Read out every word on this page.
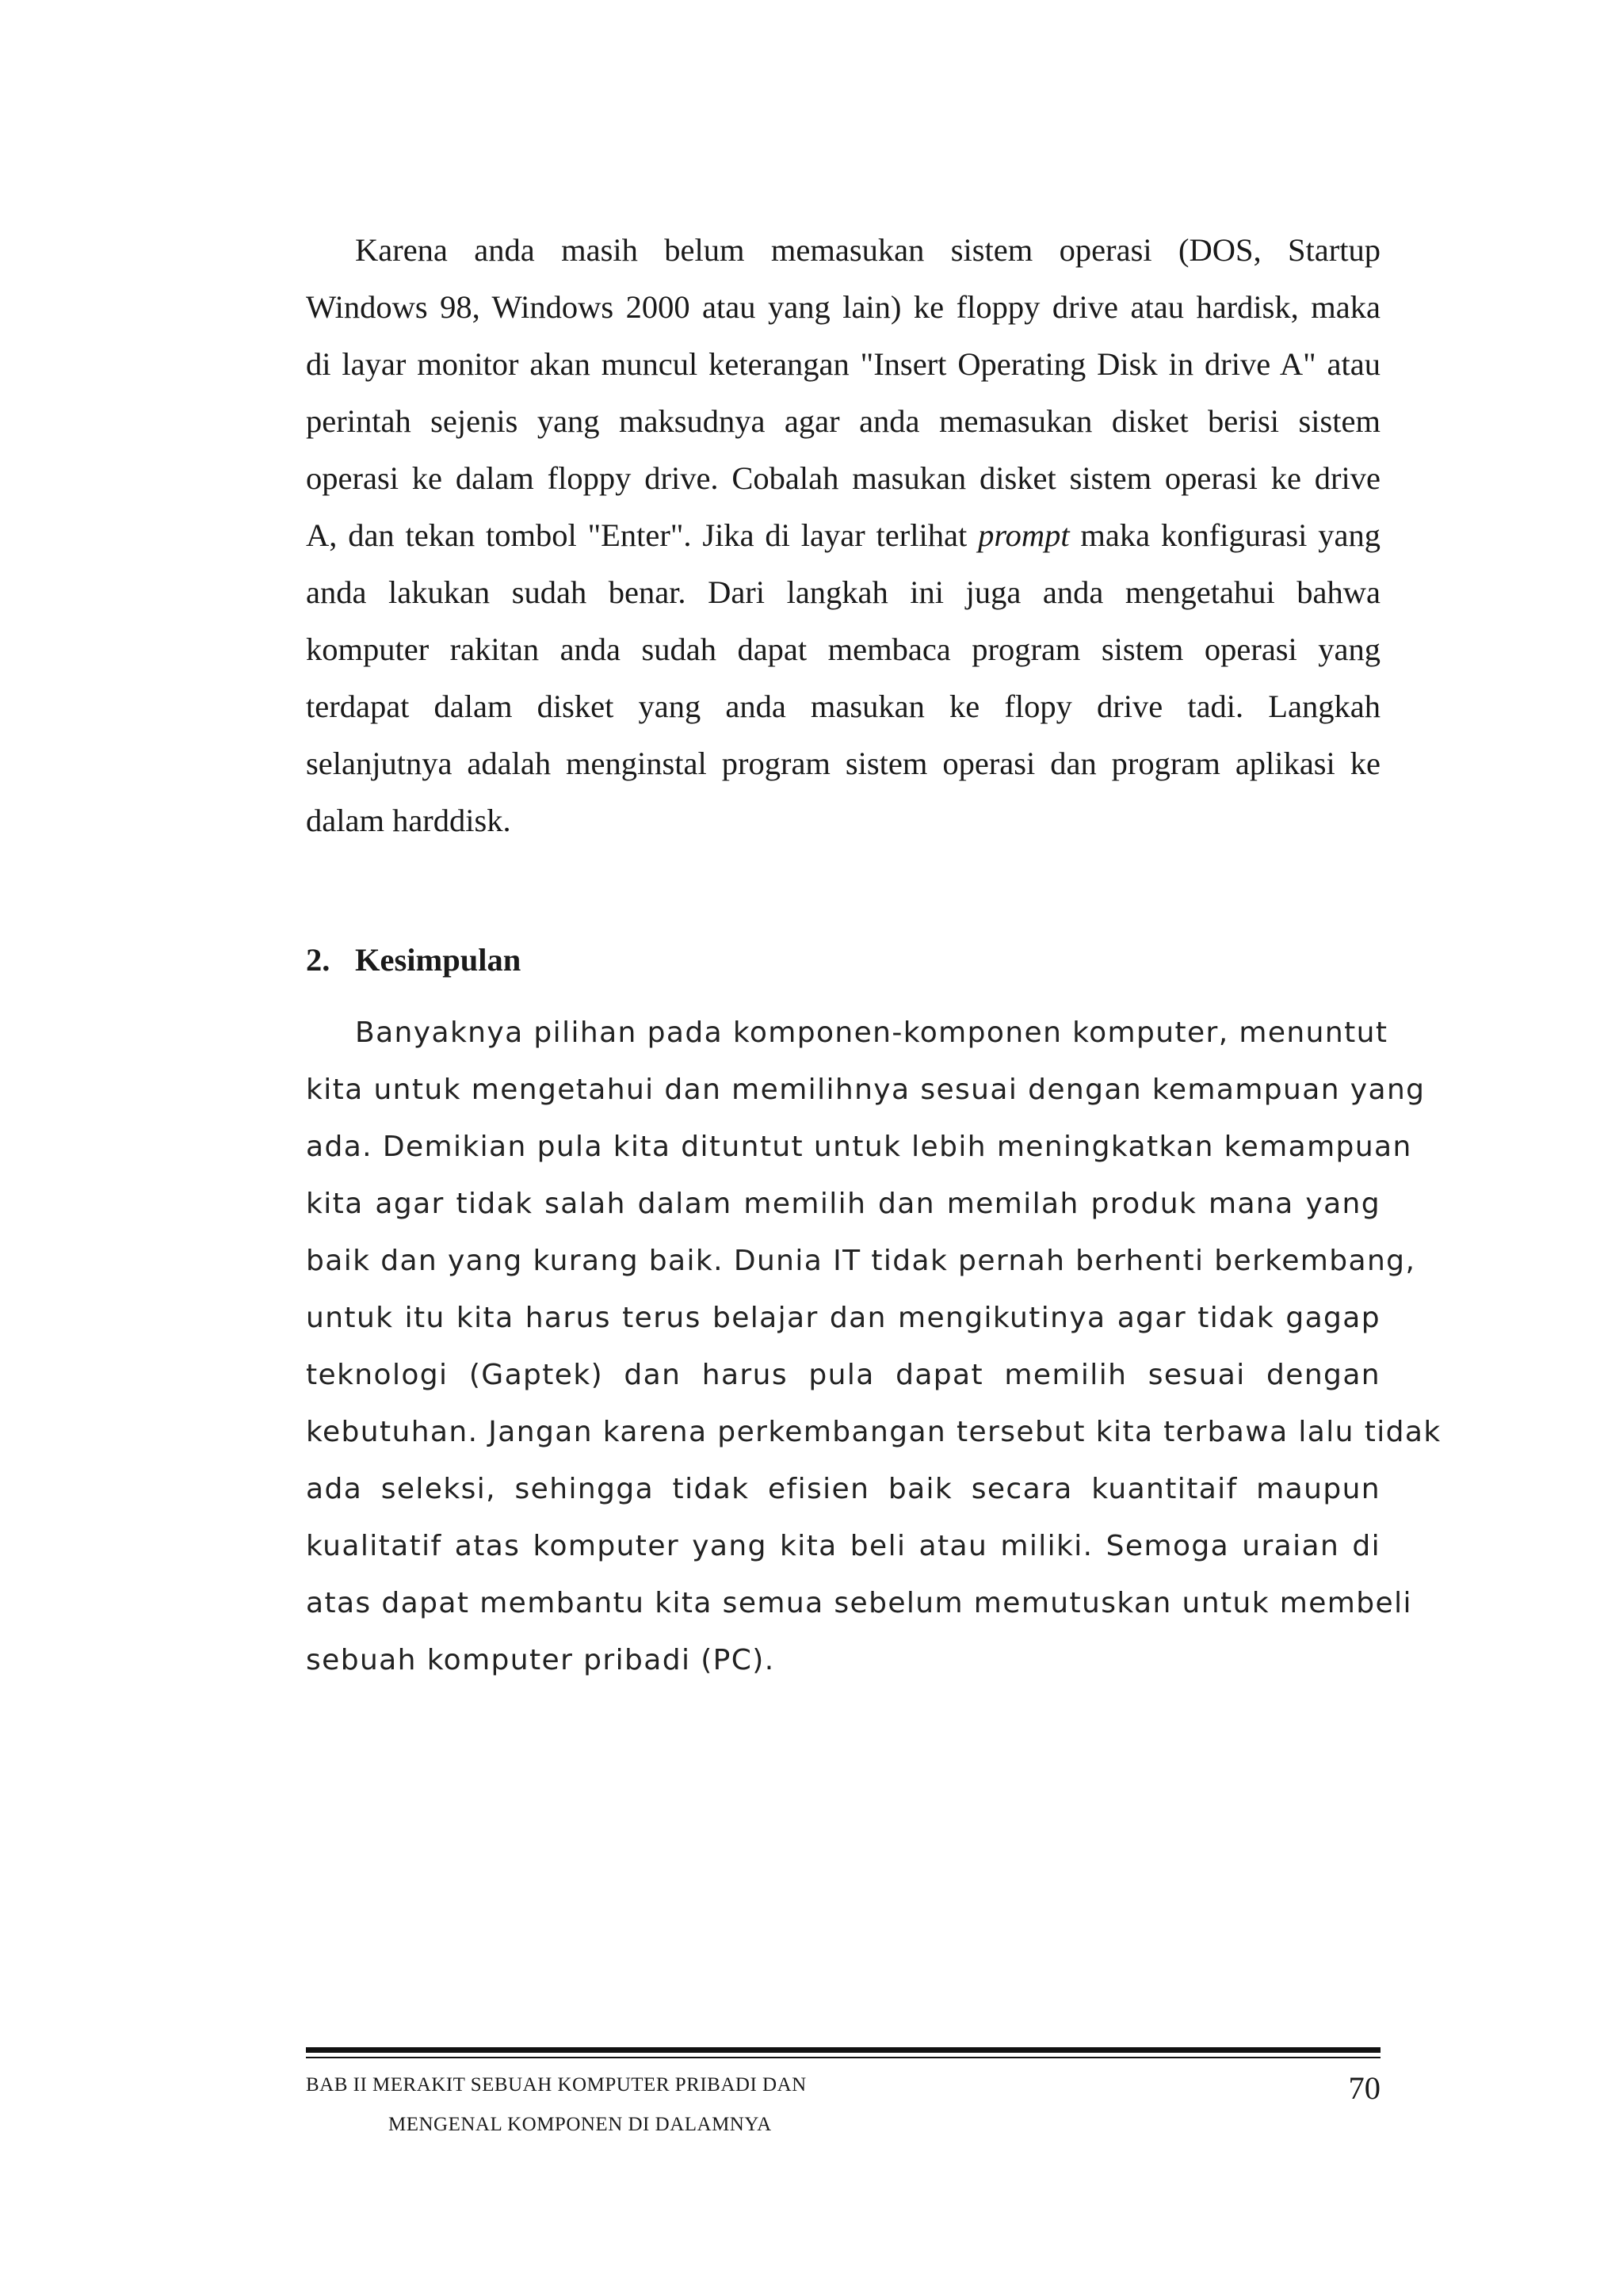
Karena anda masih belum memasukan sistem operasi (DOS, Startup
Windows 98, Windows 2000 atau yang lain) ke floppy drive atau hardisk, maka
di layar monitor akan muncul keterangan "Insert Operating Disk in drive A" atau
perintah sejenis yang maksudnya agar anda memasukan disket berisi sistem
operasi ke dalam floppy drive. Cobalah masukan disket sistem operasi ke drive
A, dan tekan tombol "Enter". Jika di layar terlihat prompt maka konfigurasi yang
anda lakukan sudah benar. Dari langkah ini juga anda mengetahui bahwa
komputer rakitan anda sudah dapat membaca program sistem operasi yang
terdapat dalam disket yang anda masukan ke flopy drive tadi. Langkah
selanjutnya adalah menginstal program sistem operasi dan program aplikasi ke
dalam harddisk.
2. Kesimpulan
Banyaknya pilihan pada komponen-komponen komputer, menuntut
kita untuk mengetahui dan memilihnya sesuai dengan kemampuan yang
ada. Demikian pula kita dituntut untuk lebih meningkatkan kemampuan
kita agar tidak salah dalam memilih dan memilah produk mana yang
baik dan yang kurang baik. Dunia IT tidak pernah berhenti berkembang,
untuk itu kita harus terus belajar dan mengikutinya agar tidak gagap
teknologi (Gaptek) dan harus pula dapat memilih sesuai dengan
kebutuhan. Jangan karena perkembangan tersebut kita terbawa lalu tidak
ada seleksi, sehingga tidak efisien baik secara kuantitaif maupun
kualitatif atas komputer yang kita beli atau miliki. Semoga uraian di
atas dapat membantu kita semua sebelum memutuskan untuk membeli
sebuah komputer pribadi (PC).
BAB II MERAKIT SEBUAH KOMPUTER PRIBADI DAN
MENGENAL KOMPONEN DI DALAMNYA
70
